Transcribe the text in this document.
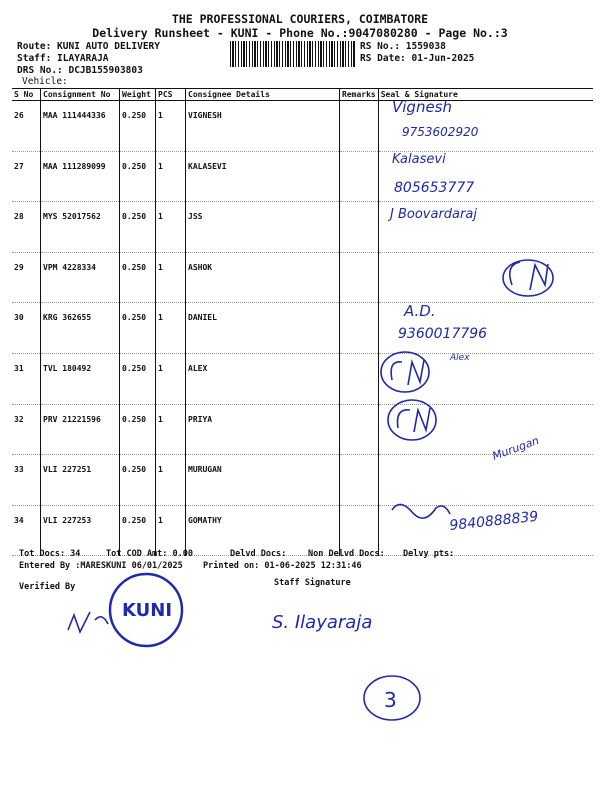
THE PROFESSIONAL COURIERS, COIMBATORE
Delivery Runsheet - KUNI - Phone No.:9047080280 - Page No.:3
Route: KUNI AUTO DELIVERY
Staff: ILAYARAJA
DRS No.: DCJB155903803
Vehicle:
RS No.: 1559038
RS Date: 01-Jun-2025
S No	Consignment No	Weight	PCS	Consignee Details	Remarks	Seal & Signature
26	MAA 111444336	0.250	1	VIGNESH		
27	MAA 111289099	0.250	1	KALASEVI		
28	MYS 52017562	0.250	1	JSS		
29	VPM 4228334	0.250	1	ASHOK		
30	KRG 362655	0.250	1	DANIEL		
31	TVL 180492	0.250	1	ALEX		
32	PRV 21221596	0.250	1	PRIYA		
33	VLI 227251	0.250	1	MURUGAN		
34	VLI 227253	0.250	1	GOMATHY		
Vignesh
9753602920
Kalasevi
805653777
J Boovardaraj
A.D.
9360017796
Alex
Murugan
9840888839
S. Ilayaraja
3
KUNI
Tot Docs: 34	Tot COD Amt: 0.00	Delvd Docs:	Non Delvd Docs: Delvy pts:
Entered By :MARESKUNI 06/01/2025 Printed on: 01-06-2025 12:31:46
Verified By	Staff Signature
